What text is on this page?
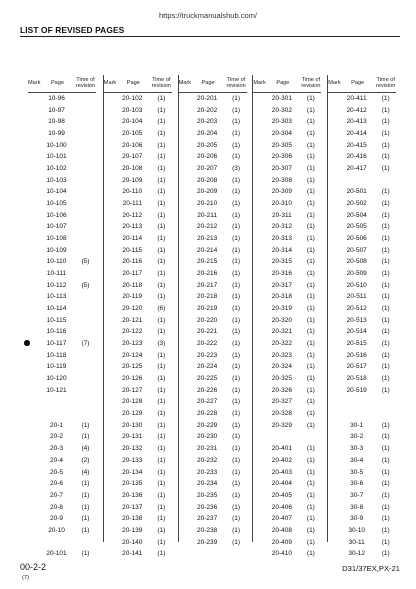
https://truckmanualshub.com/
LIST OF REVISED PAGES
Mark	Page	Time of
revision
10-96
10-97
10-98
10-99
10-100
10-101
10-102
10-103
10-104
10-105
10-106
10-107
10-108
10-109
10-110	(5)
10-111
10-112	(5)
10-113
10-114
10-115
10-116
10-117	(7)
10-118
10-119
10-120
10-121
20-1	(1)
20-2	(1)
20-3	(4)
20-4	(2)
20-5	(4)
20-6	(1)
20-7	(1)
20-8	(1)
20-9	(1)
20-10	(1)
20-101	(1)
Mark	Page	Time of
revision
20-102	(1)
20-103	(1)
20-104	(1)
20-105	(1)
20-106	(1)
20-107	(1)
20-108	(1)
20-109	(1)
20-110	(1)
20-111	(1)
20-112	(1)
20-113	(1)
20-114	(1)
20-115	(1)
20-116	(1)
20-117	(1)
20-118	(1)
20-119	(1)
20-120	(6)
20-121	(1)
20-122	(1)
20-123	(3)
20-124	(1)
20-125	(1)
20-126	(1)
20-127	(1)
20-128	(1)
20-129	(1)
20-130	(1)
20-131	(1)
20-132	(1)
20-133	(1)
20-134	(1)
20-135	(1)
20-136	(1)
20-137	(1)
20-138	(1)
20-139	(1)
20-140	(1)
20-141	(1)
Mark	Page	Time of
revision
20-201	(1)
20-202	(1)
20-203	(1)
20-204	(1)
20-205	(1)
20-206	(1)
20-207	(3)
20-208	(1)
20-209	(1)
20-210	(1)
20-211	(1)
20-212	(1)
20-213	(1)
20-214	(1)
20-215	(1)
20-216	(1)
20-217	(1)
20-218	(1)
20-219	(1)
20-220	(1)
20-221	(1)
20-222	(1)
20-223	(1)
20-224	(1)
20-225	(1)
20-226	(1)
20-227	(1)
20-228	(1)
20-229	(1)
20-230	(1)
20-231	(1)
20-232	(1)
20-233	(1)
20-234	(1)
20-235	(1)
20-236	(1)
20-237	(1)
20-238	(1)
20-239	(1)
Mark	Page	Time of
revision
20-301	(1)
20-302	(1)
20-303	(1)
20-304	(1)
20-305	(1)
20-306	(1)
20-307	(1)
20-308	(1)
20-309	(1)
20-310	(1)
20-311	(1)
20-312	(1)
20-313	(1)
20-314	(1)
20-315	(1)
20-316	(1)
20-317	(1)
20-318	(1)
20-319	(1)
20-320	(1)
20-321	(1)
20-322	(1)
20-323	(1)
20-324	(1)
20-325	(1)
20-326	(1)
20-327	(1)
20-328	(1)
20-329	(1)
20-401	(1)
20-402	(1)
20-403	(1)
20-404	(1)
20-405	(1)
20-406	(1)
20-407	(1)
20-408	(1)
20-409	(1)
20-410	(1)
Mark	Page	Time of
revision
20-411	(1)
20-412	(1)
20-413	(1)
20-414	(1)
20-415	(1)
20-416	(1)
20-417	(1)
20-501	(1)
20-502	(1)
20-504	(1)
20-505	(1)
20-506	(1)
20-507	(1)
20-508	(1)
20-509	(1)
20-510	(1)
20-511	(1)
20-512	(1)
20-513	(1)
20-514	(1)
20-515	(1)
20-516	(1)
20-517	(1)
20-518	(1)
20-519	(1)
30-1	(1)
30-2	(1)
30-3	(1)
30-4	(1)
30-5	(1)
30-6	(1)
30-7	(1)
30-8	(1)
30-9	(1)
30-10	(1)
30-11	(1)
30-12	(1)
00-2-2
(7)
D31/37EX,PX-21
